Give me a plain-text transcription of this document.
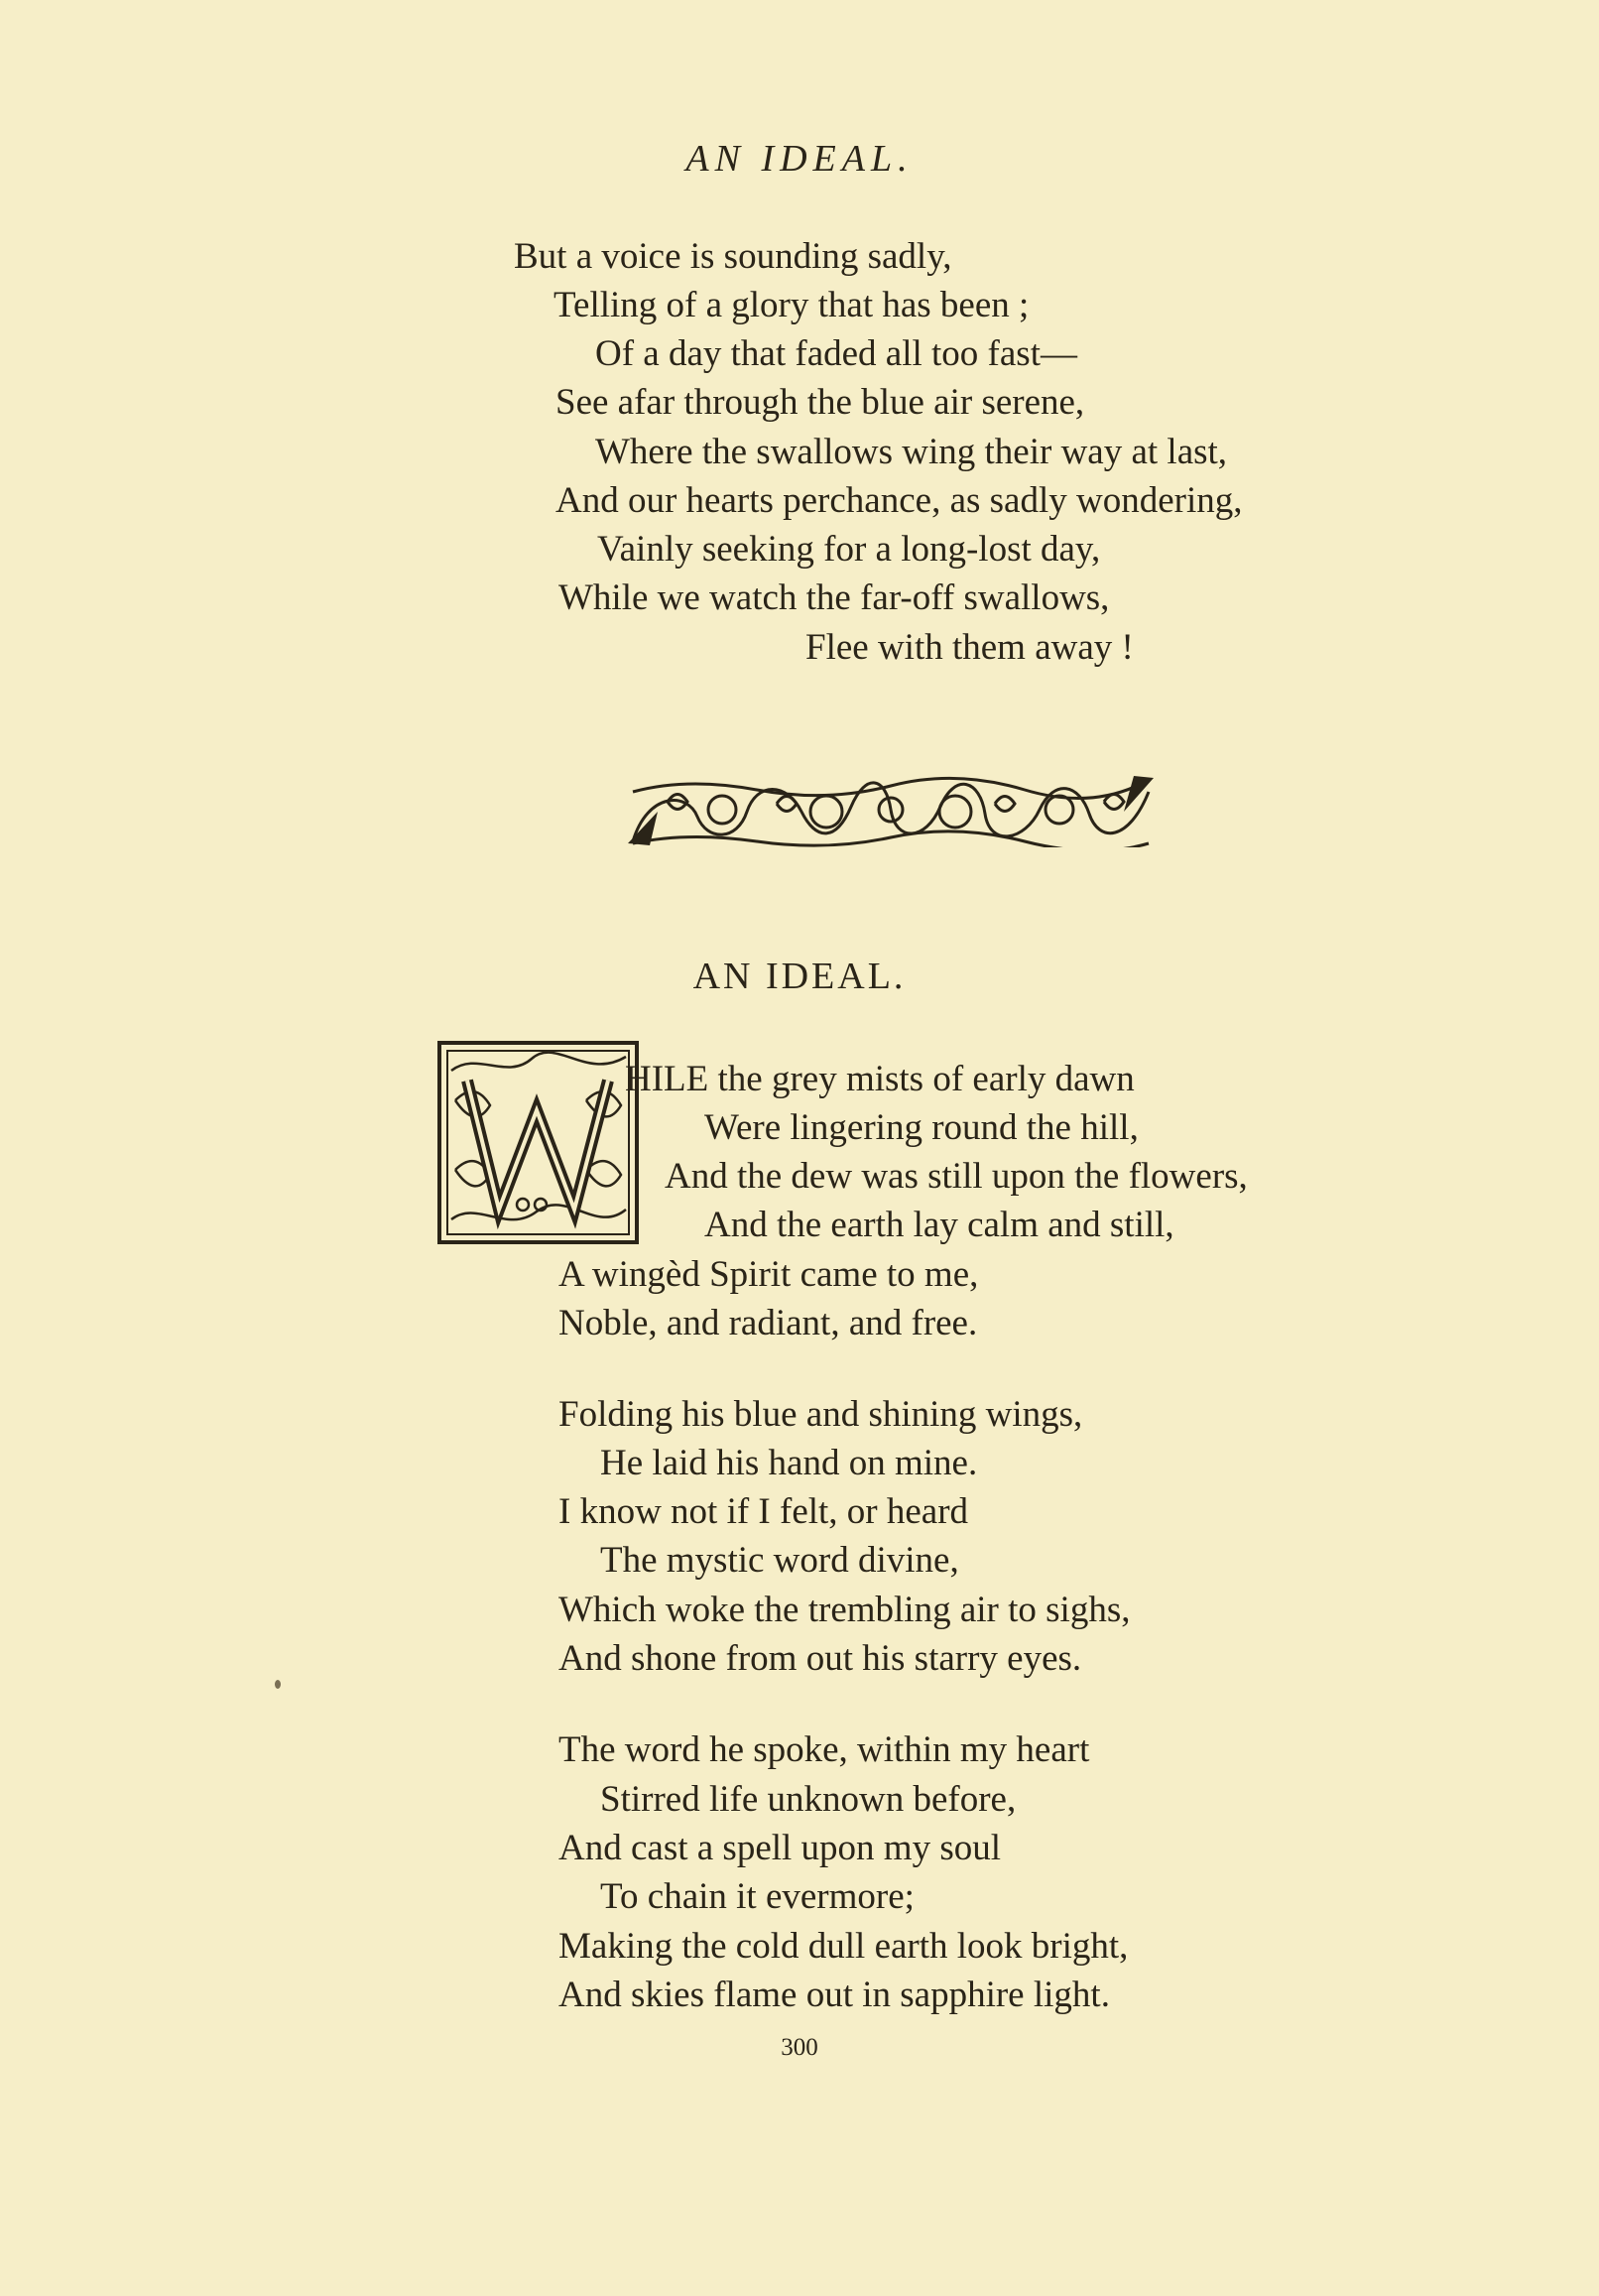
AN IDEAL.
But a voice is sounding sadly,
Telling of a glory that has been ;
Of a day that faded all too fast—
See afar through the blue air serene,
Where the swallows wing their way at last,
And our hearts perchance, as sadly wondering,
Vainly seeking for a long-lost day,
While we watch the far-off swallows,
Flee with them away !
AN IDEAL.
HILE the grey mists of early dawn
Were lingering round the hill,
And the dew was still upon the flowers,
And the earth lay calm and still,
A wingèd Spirit came to me,
Noble, and radiant, and free.
Folding his blue and shining wings,
He laid his hand on mine.
I know not if I felt, or heard
The mystic word divine,
Which woke the trembling air to sighs,
And shone from out his starry eyes.
The word he spoke, within my heart
Stirred life unknown before,
And cast a spell upon my soul
To chain it evermore;
Making the cold dull earth look bright,
And skies flame out in sapphire light.
300
